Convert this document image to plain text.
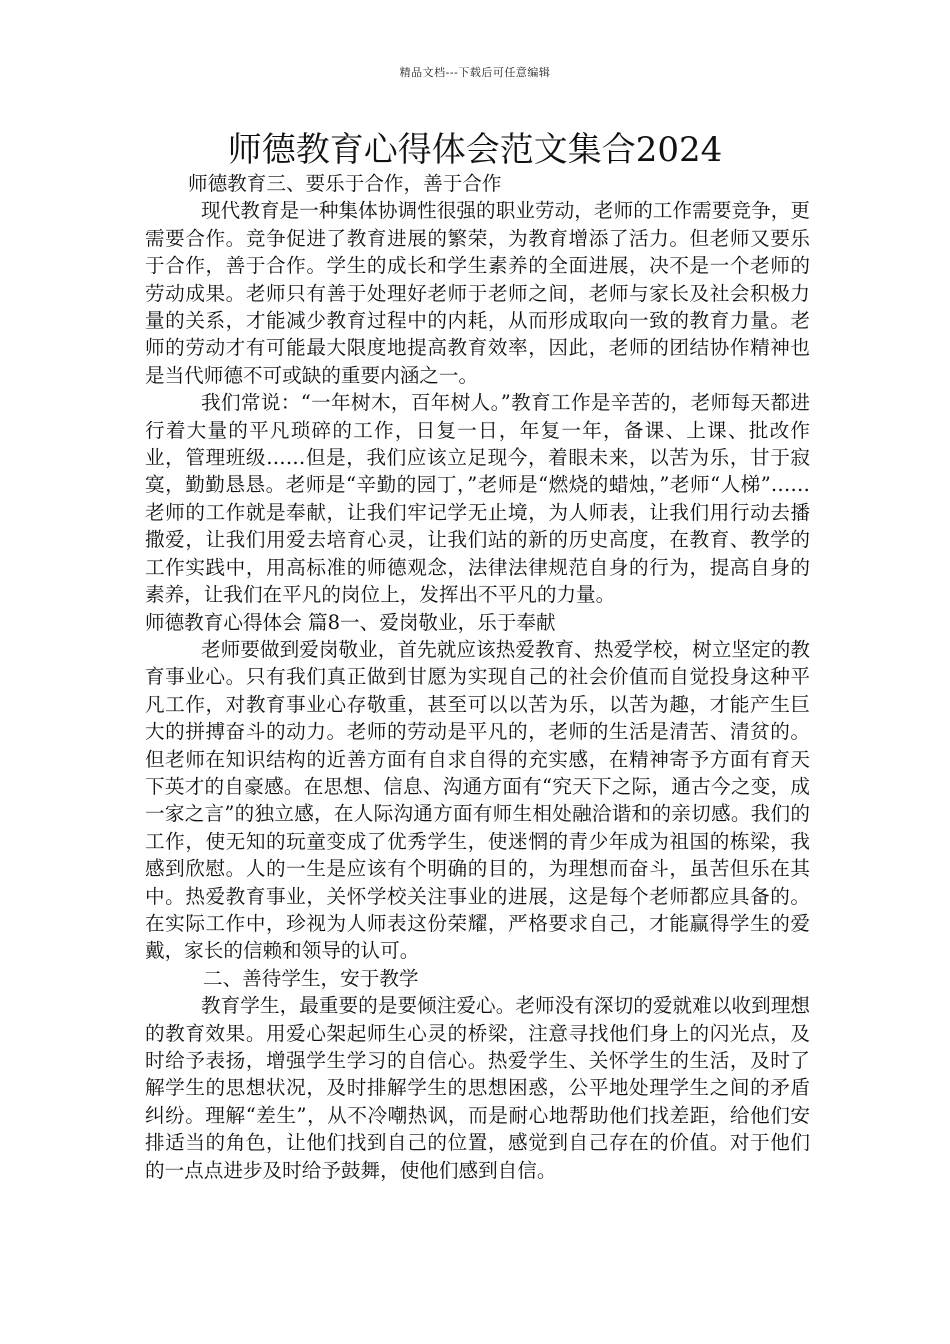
精品文档---下载后可任意编辑
师德教育心得体会范文集合2024

师德教育三、要乐于合作，善于合作

现代教育是一种集体协调性很强的职业劳动，老师的工作需要竞争，更需要合作。竞争促进了教育进展的繁荣，为教育增添了活力。但老师又要乐于合作，善于合作。学生的成长和学生素养的全面进展，决不是一个老师的劳动成果。老师只有善于处理好老师于老师之间，老师与家长及社会积极力量的关系，才能减少教育过程中的内耗，从而形成取向一致的教育力量。老师的劳动才有可能最大限度地提高教育效率，因此，老师的团结协作精神也是当代师德不可或缺的重要内涵之一。

我们常说：“一年树木，百年树人。”教育工作是辛苦的，老师每天都进行着大量的平凡琐碎的工作，日复一日，年复一年，备课、上课、批改作业，管理班级……但是，我们应该立足现今，着眼未来，以苦为乐，甘于寂寞，勤勤恳恳。老师是“辛勤的园丁，”老师是“燃烧的蜡烛，”老师“人梯”……老师的工作就是奉献，让我们牢记学无止境，为人师表，让我们用行动去播撒爱，让我们用爱去培育心灵，让我们站的新的历史高度，在教育、教学的工作实践中，用高标准的师德观念，法律法律规范自身的行为，提高自身的素养，让我们在平凡的岗位上，发挥出不平凡的力量。

师德教育心得体会 篇8一、爱岗敬业，乐于奉献

老师要做到爱岗敬业，首先就应该热爱教育、热爱学校，树立坚定的教育事业心。只有我们真正做到甘愿为实现自己的社会价值而自觉投身这种平凡工作，对教育事业心存敬重，甚至可以以苦为乐，以苦为趣，才能产生巨大的拼搏奋斗的动力。老师的劳动是平凡的，老师的生活是清苦、清贫的。但老师在知识结构的近善方面有自求自得的充实感，在精神寄予方面有育天下英才的自豪感。在思想、信息、沟通方面有“究天下之际，通古今之变，成一家之言”的独立感，在人际沟通方面有师生相处融洽谐和的亲切感。我们的工作，使无知的玩童变成了优秀学生，使迷惘的青少年成为祖国的栋梁，我感到欣慰。人的一生是应该有个明确的目的，为理想而奋斗，虽苦但乐在其中。热爱教育事业，关怀学校关注事业的进展，这是每个老师都应具备的。在实际工作中，珍视为人师表这份荣耀，严格要求自己，才能赢得学生的爱戴，家长的信赖和领导的认可。

二、善待学生，安于教学

教育学生，最重要的是要倾注爱心。老师没有深切的爱就难以收到理想的教育效果。用爱心架起师生心灵的桥梁，注意寻找他们身上的闪光点，及时给予表扬，增强学生学习的自信心。热爱学生、关怀学生的生活，及时了解学生的思想状况，及时排解学生的思想困惑，公平地处理学生之间的矛盾纠纷。理解“差生”，从不冷嘲热讽，而是耐心地帮助他们找差距，给他们安排适当的角色，让他们找到自己的位置，感觉到自己存在的价值。对于他们的一点点进步及时给予鼓舞，使他们感到自信。
